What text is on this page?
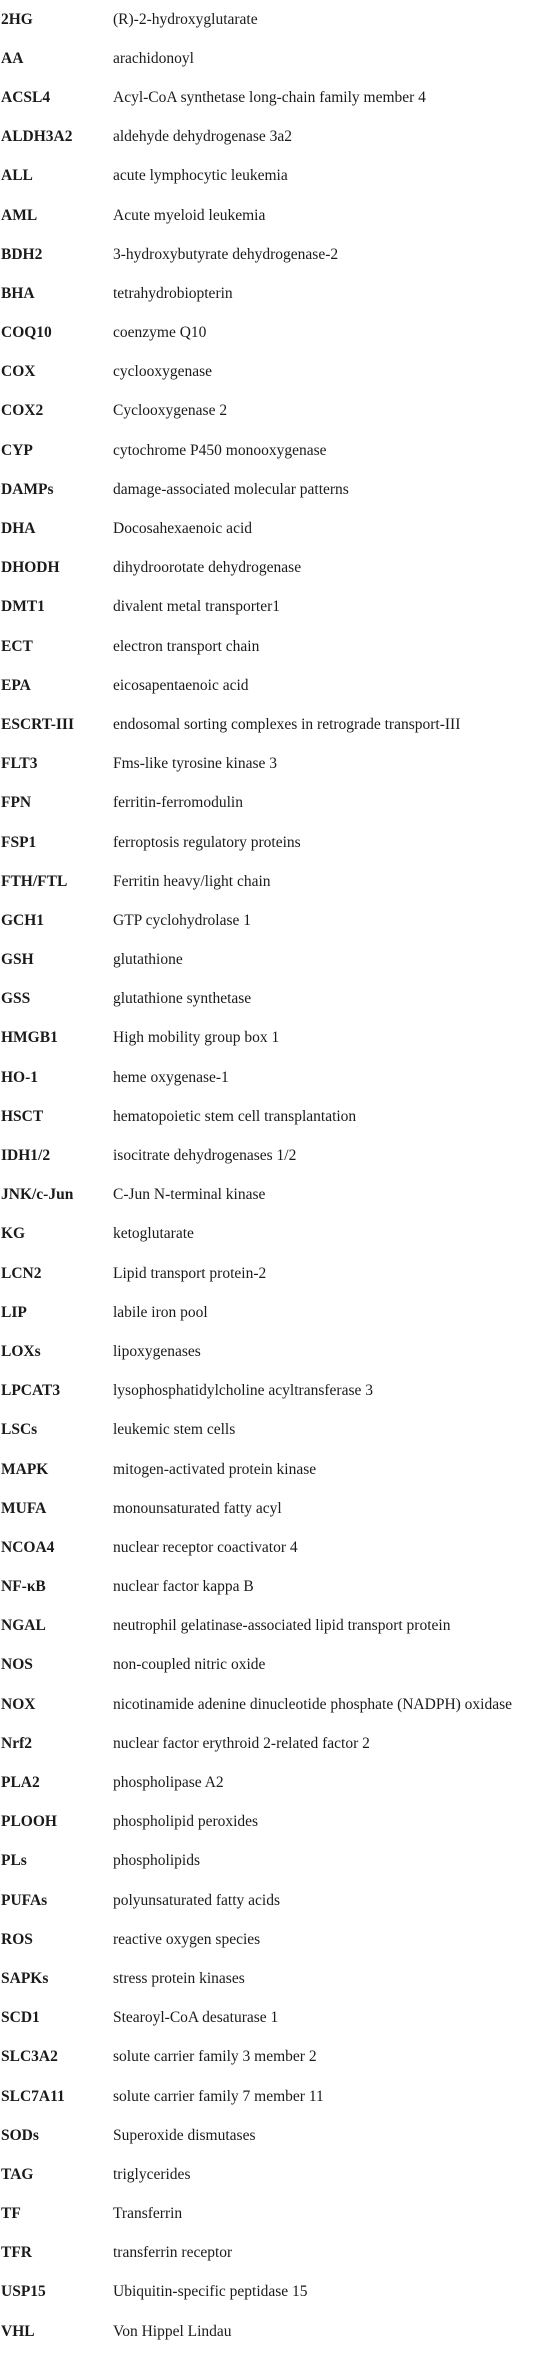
2HG	(R)-2-hydroxyglutarate
AA	arachidonoyl
ACSL4	Acyl-CoA synthetase long-chain family member 4
ALDH3A2	aldehyde dehydrogenase 3a2
ALL	acute lymphocytic leukemia
AML	Acute myeloid leukemia
BDH2	3-hydroxybutyrate dehydrogenase-2
BHA	tetrahydrobiopterin
COQ10	coenzyme Q10
COX	cyclooxygenase
COX2	Cyclooxygenase 2
CYP	cytochrome P450 monooxygenase
DAMPs	damage-associated molecular patterns
DHA	Docosahexaenoic acid
DHODH	dihydroorotate dehydrogenase
DMT1	divalent metal transporter1
ECT	electron transport chain
EPA	eicosapentaenoic acid
ESCRT-III	endosomal sorting complexes in retrograde transport-III
FLT3	Fms-like tyrosine kinase 3
FPN	ferritin-ferromodulin
FSP1	ferroptosis regulatory proteins
FTH/FTL	Ferritin heavy/light chain
GCH1	GTP cyclohydrolase 1
GSH	glutathione
GSS	glutathione synthetase
HMGB1	High mobility group box 1
HO-1	heme oxygenase-1
HSCT	hematopoietic stem cell transplantation
IDH1/2	isocitrate dehydrogenases 1/2
JNK/c-Jun	C-Jun N-terminal kinase
KG	ketoglutarate
LCN2	Lipid transport protein-2
LIP	labile iron pool
LOXs	lipoxygenases
LPCAT3	lysophosphatidylcholine acyltransferase 3
LSCs	leukemic stem cells
MAPK	mitogen-activated protein kinase
MUFA	monounsaturated fatty acyl
NCOA4	nuclear receptor coactivator 4
NF-κB	nuclear factor kappa B
NGAL	neutrophil gelatinase-associated lipid transport protein
NOS	non-coupled nitric oxide
NOX	nicotinamide adenine dinucleotide phosphate (NADPH) oxidase
Nrf2	nuclear factor erythroid 2-related factor 2
PLA2	phospholipase A2
PLOOH	phospholipid peroxides
PLs	phospholipids
PUFAs	polyunsaturated fatty acids
ROS	reactive oxygen species
SAPKs	stress protein kinases
SCD1	Stearoyl-CoA desaturase 1
SLC3A2	solute carrier family 3 member 2
SLC7A11	solute carrier family 7 member 11
SODs	Superoxide dismutases
TAG	triglycerides
TF	Transferrin
TFR	transferrin receptor
USP15	Ubiquitin-specific peptidase 15
VHL	Von Hippel Lindau
